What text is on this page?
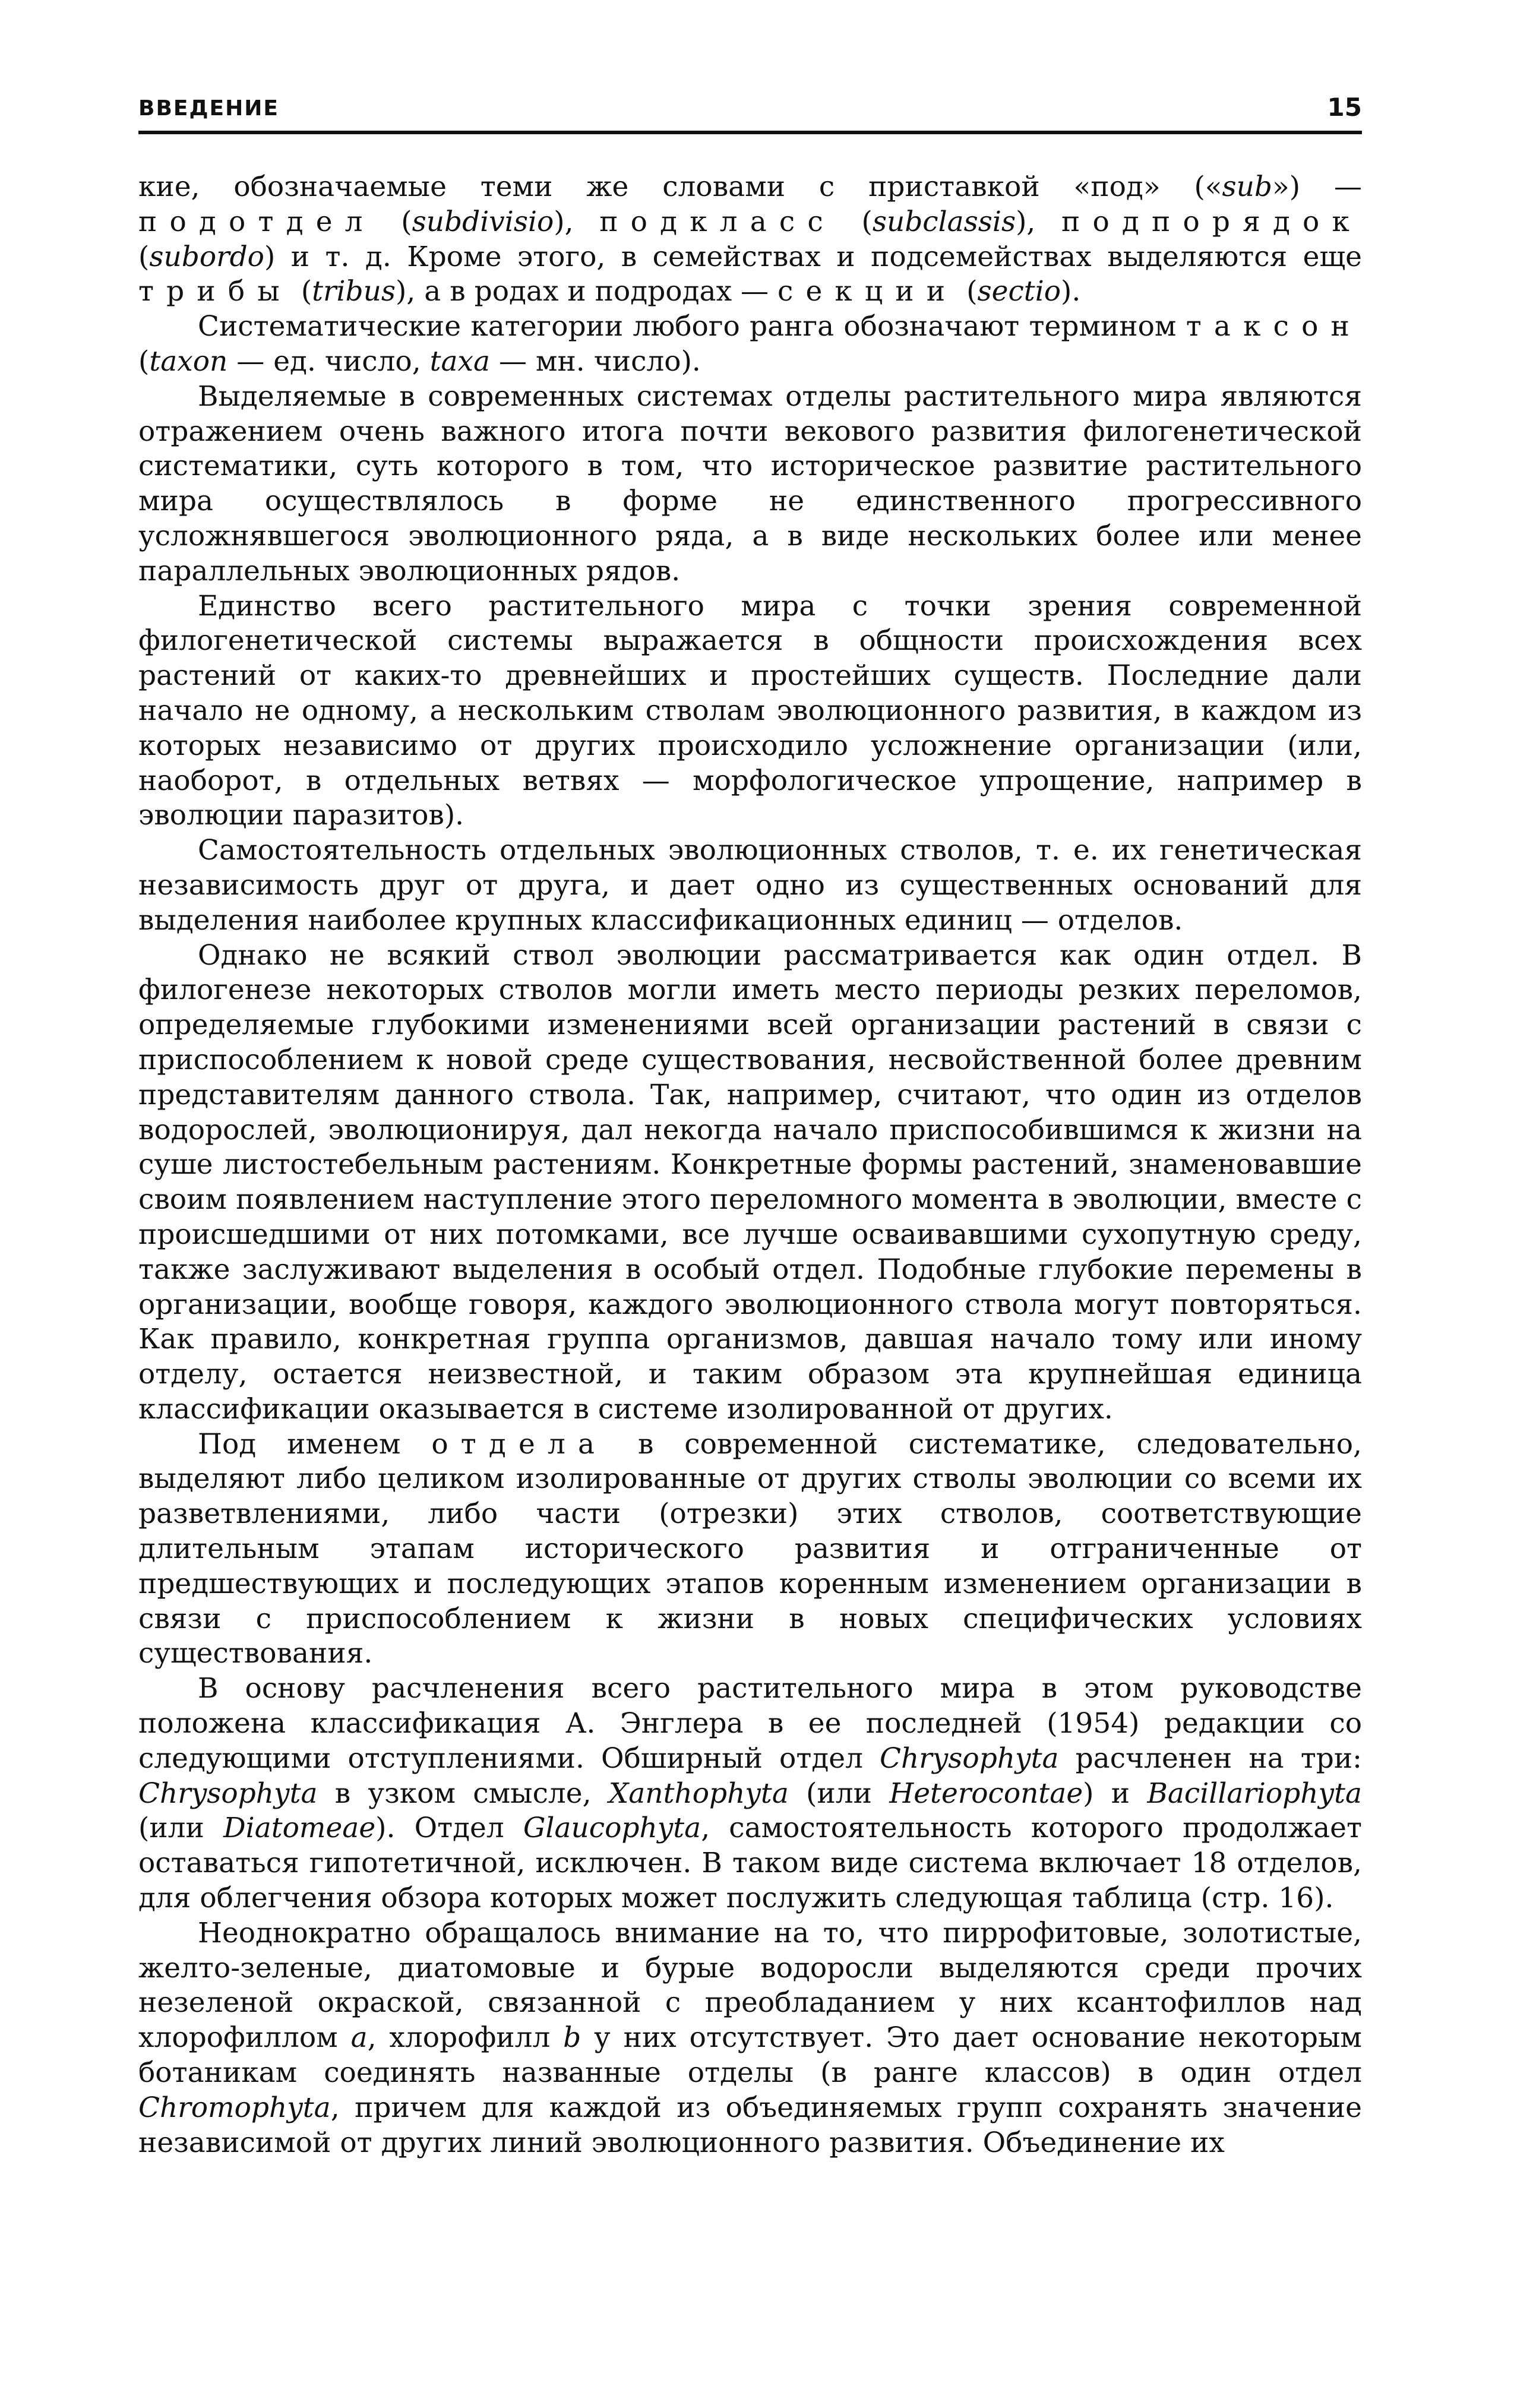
ВВЕДЕНИЕ	15

кие, обозначаемые теми же словами с приставкой «под» («sub») — подотдел (subdivisio), подкласс (subclassis), подпорядок (subordo) и т. д. Кроме этого, в семействах и подсемействах выделяются еще трибы (tribus), а в родах и подродах — секции (sectio).

Систематические категории любого ранга обозначают термином таксон (taxon — ед. число, taxa — мн. число).

Выделяемые в современных системах отделы растительного мира являются отражением очень важного итога почти векового развития филогенетической систематики, суть которого в том, что историческое развитие растительного мира осуществлялось в форме не единственного прогрессивного усложнявшегося эволюционного ряда, а в виде нескольких более или менее параллельных эволюционных рядов.

Единство всего растительного мира с точки зрения современной филогенетической системы выражается в общности происхождения всех растений от каких-то древнейших и простейших существ. Последние дали начало не одному, а нескольким стволам эволюционного развития, в каждом из которых независимо от других происходило усложнение организации (или, наоборот, в отдельных ветвях — морфологическое упрощение, например в эволюции паразитов).

Самостоятельность отдельных эволюционных стволов, т. е. их генетическая независимость друг от друга, и дает одно из существенных оснований для выделения наиболее крупных классификационных единиц — отделов.

Однако не всякий ствол эволюции рассматривается как один отдел. В филогенезе некоторых стволов могли иметь место периоды резких переломов, определяемые глубокими изменениями всей организации растений в связи с приспособлением к новой среде существования, несвойственной более древним представителям данного ствола. Так, например, считают, что один из отделов водорослей, эволюционируя, дал некогда начало приспособившимся к жизни на суше листостебельным растениям. Конкретные формы растений, знаменовавшие своим появлением наступление этого переломного момента в эволюции, вместе с происшедшими от них потомками, все лучше осваивавшими сухопутную среду, также заслуживают выделения в особый отдел. Подобные глубокие перемены в организации, вообще говоря, каждого эволюционного ствола могут повторяться. Как правило, конкретная группа организмов, давшая начало тому или иному отделу, остается неизвестной, и таким образом эта крупнейшая единица классификации оказывается в системе изолированной от других.

Под именем отдела в современной систематике, следовательно, выделяют либо целиком изолированные от других стволы эволюции со всеми их разветвлениями, либо части (отрезки) этих стволов, соответствующие длительным этапам исторического развития и отграниченные от предшествующих и последующих этапов коренным изменением организации в связи с приспособлением к жизни в новых специфических условиях существования.

В основу расчленения всего растительного мира в этом руководстве положена классификация А. Энглера в ее последней (1954) редакции со следующими отступлениями. Обширный отдел Chrysophyta расчленен на три: Chrysophyta в узком смысле, Xanthophyta (или Heterocontae) и Bacillariophyta (или Diatomeae). Отдел Glaucophyta, самостоятельность которого продолжает оставаться гипотетичной, исключен. В таком виде система включает 18 отделов, для облегчения обзора которых может послужить следующая таблица (стр. 16).

Неоднократно обращалось внимание на то, что пиррофитовые, золотистые, желто-зеленые, диатомовые и бурые водоросли выделяются среди прочих незеленой окраской, связанной с преобладанием у них ксантофиллов над хлорофиллом a, хлорофилл b у них отсутствует. Это дает основание некоторым ботаникам соединять названные отделы (в ранге классов) в один отдел Chromophyta, причем для каждой из объединяемых групп сохранять значение независимой от других линий эволюционного развития. Объединение их
